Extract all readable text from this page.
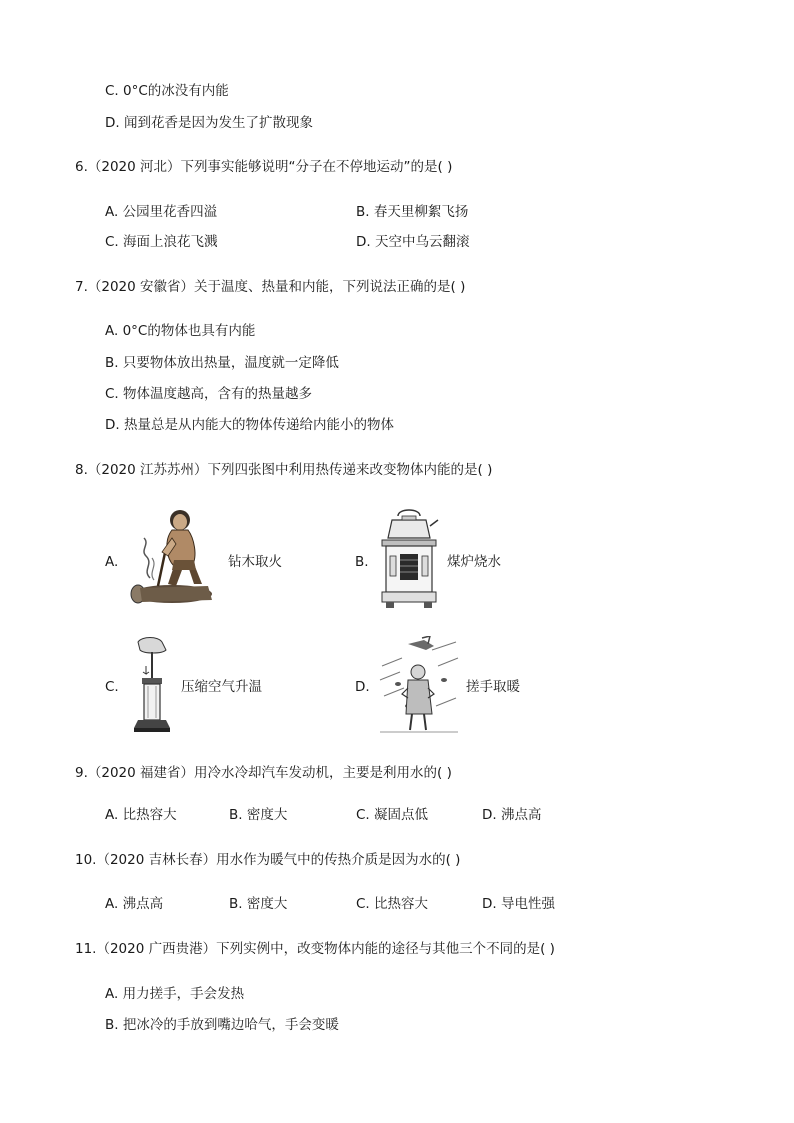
C. 0°C的冰没有内能
D. 闻到花香是因为发生了扩散现象
6.（2020 河北）下列事实能够说明“分子在不停地运动”的是( )
A. 公园里花香四溢	B. 春天里柳絮飞扬
C. 海面上浪花飞溅	D. 天空中乌云翻滚
7.（2020 安徽省）关于温度、热量和内能，下列说法正确的是( )
A. 0°C的物体也具有内能
B. 只要物体放出热量，温度就一定降低
C. 物体温度越高，含有的热量越多
D. 热量总是从内能大的物体传递给内能小的物体
8.（2020 江苏苏州）下列四张图中利用热传递来改变物体内能的是( )
A.	钻木取火	B.	煤炉烧水
C.	压缩空气升温	D.	搓手取暖
9.（2020 福建省）用冷水冷却汽车发动机，主要是利用水的( )
A. 比热容大	B. 密度大	C. 凝固点低	D. 沸点高
10.（2020 吉林长春）用水作为暖气中的传热介质是因为水的( )
A. 沸点高	B. 密度大	C. 比热容大	D. 导电性强
11.（2020 广西贵港）下列实例中，改变物体内能的途径与其他三个不同的是( )
A. 用力搓手，手会发热
B. 把冰冷的手放到嘴边哈气，手会变暖
